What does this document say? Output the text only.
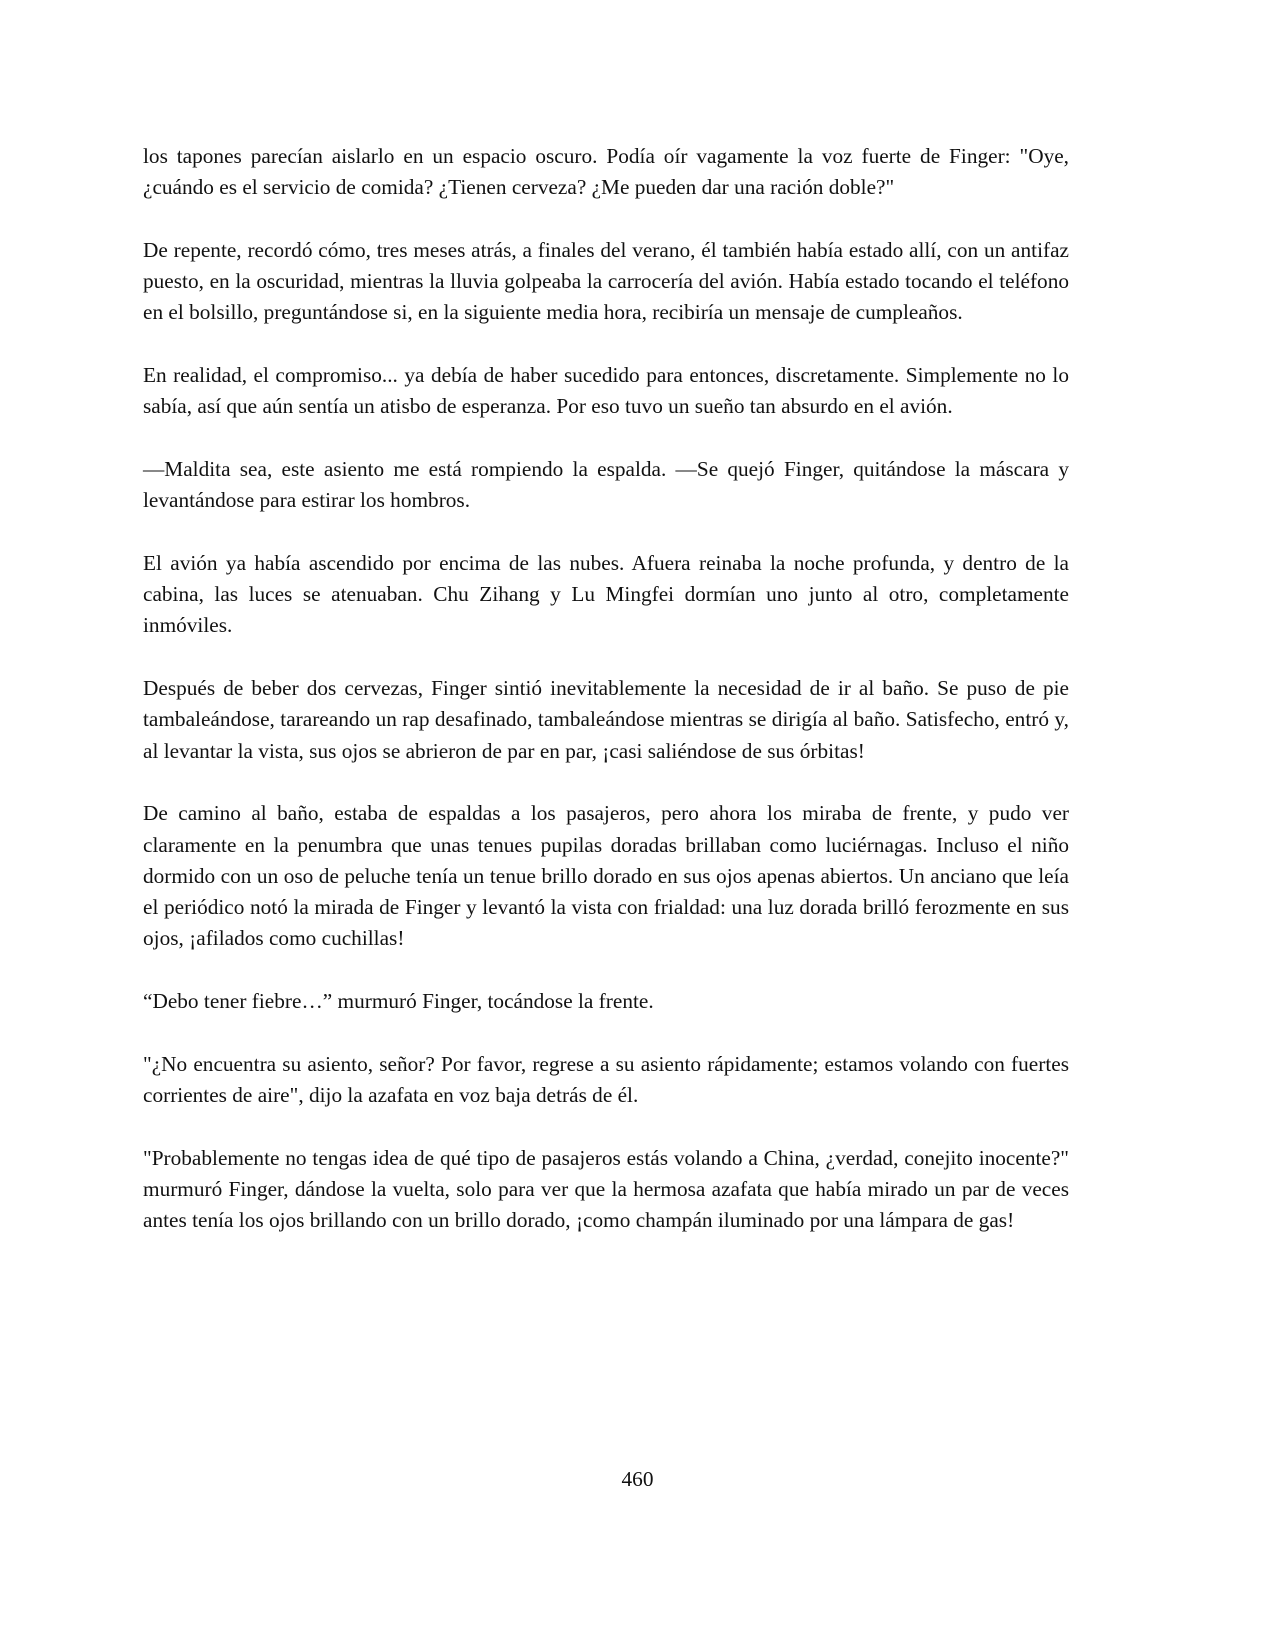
los tapones parecían aislarlo en un espacio oscuro. Podía oír vagamente la voz fuerte de Finger: "Oye, ¿cuándo es el servicio de comida? ¿Tienen cerveza? ¿Me pueden dar una ración doble?"

De repente, recordó cómo, tres meses atrás, a finales del verano, él también había estado allí, con un antifaz puesto, en la oscuridad, mientras la lluvia golpeaba la carrocería del avión. Había estado tocando el teléfono en el bolsillo, preguntándose si, en la siguiente media hora, recibiría un mensaje de cumpleaños.

En realidad, el compromiso... ya debía de haber sucedido para entonces, discretamente. Simplemente no lo sabía, así que aún sentía un atisbo de esperanza. Por eso tuvo un sueño tan absurdo en el avión.

—Maldita sea, este asiento me está rompiendo la espalda. —Se quejó Finger, quitándose la máscara y levantándose para estirar los hombros.

El avión ya había ascendido por encima de las nubes. Afuera reinaba la noche profunda, y dentro de la cabina, las luces se atenuaban. Chu Zihang y Lu Mingfei dormían uno junto al otro, completamente inmóviles.

Después de beber dos cervezas, Finger sintió inevitablemente la necesidad de ir al baño. Se puso de pie tambaleándose, tarareando un rap desafinado, tambaleándose mientras se dirigía al baño. Satisfecho, entró y, al levantar la vista, sus ojos se abrieron de par en par, ¡casi saliéndose de sus órbitas!

De camino al baño, estaba de espaldas a los pasajeros, pero ahora los miraba de frente, y pudo ver claramente en la penumbra que unas tenues pupilas doradas brillaban como luciérnagas. Incluso el niño dormido con un oso de peluche tenía un tenue brillo dorado en sus ojos apenas abiertos. Un anciano que leía el periódico notó la mirada de Finger y levantó la vista con frialdad: una luz dorada brilló ferozmente en sus ojos, ¡afilados como cuchillas!

“Debo tener fiebre…” murmuró Finger, tocándose la frente.

"¿No encuentra su asiento, señor? Por favor, regrese a su asiento rápidamente; estamos volando con fuertes corrientes de aire", dijo la azafata en voz baja detrás de él.

"Probablemente no tengas idea de qué tipo de pasajeros estás volando a China, ¿verdad, conejito inocente?" murmuró Finger, dándose la vuelta, solo para ver que la hermosa azafata que había mirado un par de veces antes tenía los ojos brillando con un brillo dorado, ¡como champán iluminado por una lámpara de gas!

460
